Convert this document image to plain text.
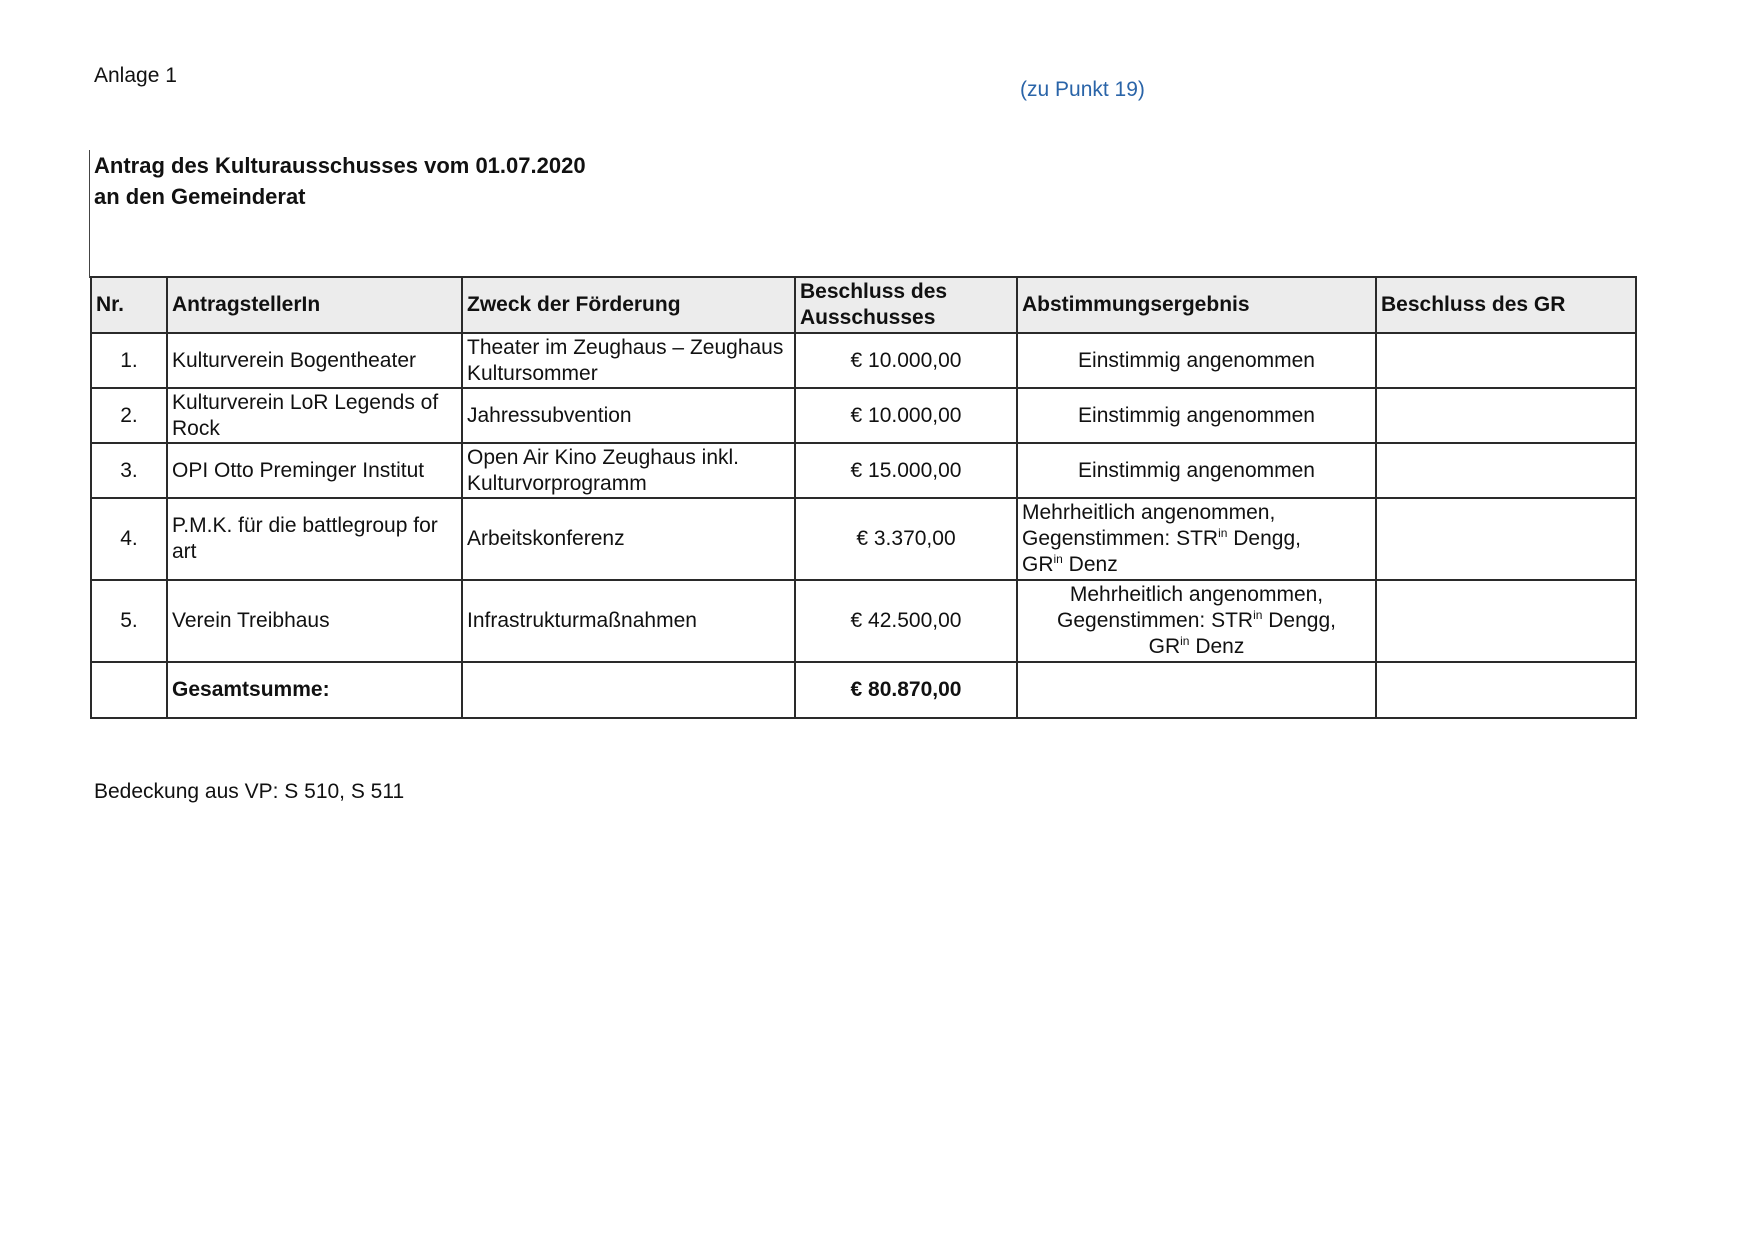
Anlage 1
(zu Punkt 19)
Antrag des Kulturausschusses vom 01.07.2020
an den Gemeinderat
Nr.	AntragstellerIn	Zweck der Förderung	Beschluss des Ausschusses	Abstimmungsergebnis	Beschluss des GR
1.	Kulturverein Bogentheater	Theater im Zeughaus – Zeughaus Kultursommer	€ 10.000,00	Einstimmig angenommen	
2.	Kulturverein LoR Legends of Rock	Jahressubvention	€ 10.000,00	Einstimmig angenommen	
3.	OPI Otto Preminger Institut	Open Air Kino Zeughaus inkl. Kulturvorprogramm	€ 15.000,00	Einstimmig angenommen	
4.	P.M.K. für die battlegroup for art	Arbeitskonferenz	€ 3.370,00	Mehrheitlich angenommen,
Gegenstimmen: $STR^{in}$ Dengg,
$GR^{in}$ Denz	

5.	Verein Treibhaus	Infrastrukturmaßnahmen	€ 42.500,00	Mehrheitlich angenommen,
Gegenstimmen: $STR^{in}$ Dengg,
$GR^{in}$ Denz	

	Gesamtsumme:		€ 80.870,00		
Bedeckung aus VP: S 510, S 511
